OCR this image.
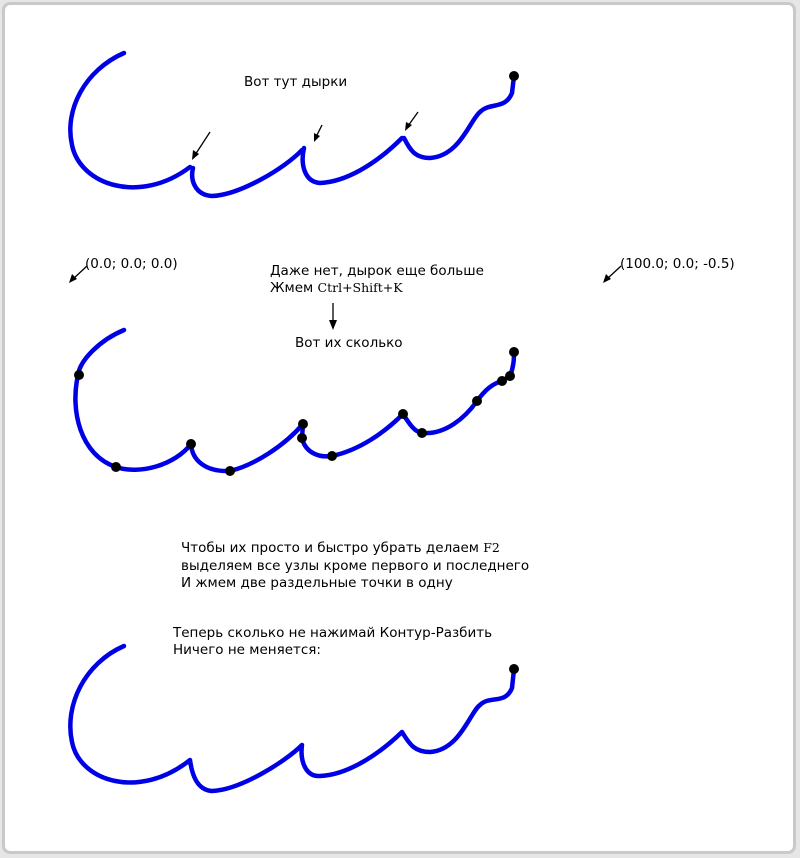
Вот тут дырки
(0.0; 0.0; 0.0)	(100.0; 0.0; -0.5)
Даже нет, дырок еще больше
Жмем Ctrl+Shift+K
Вот их сколько
Чтобы их просто и быстро убрать делаем F2
выделяем все узлы кроме первого и последнего
И жмем две раздельные точки в одну
Теперь сколько не нажимай Контур-Разбить
Ничего не меняется:
